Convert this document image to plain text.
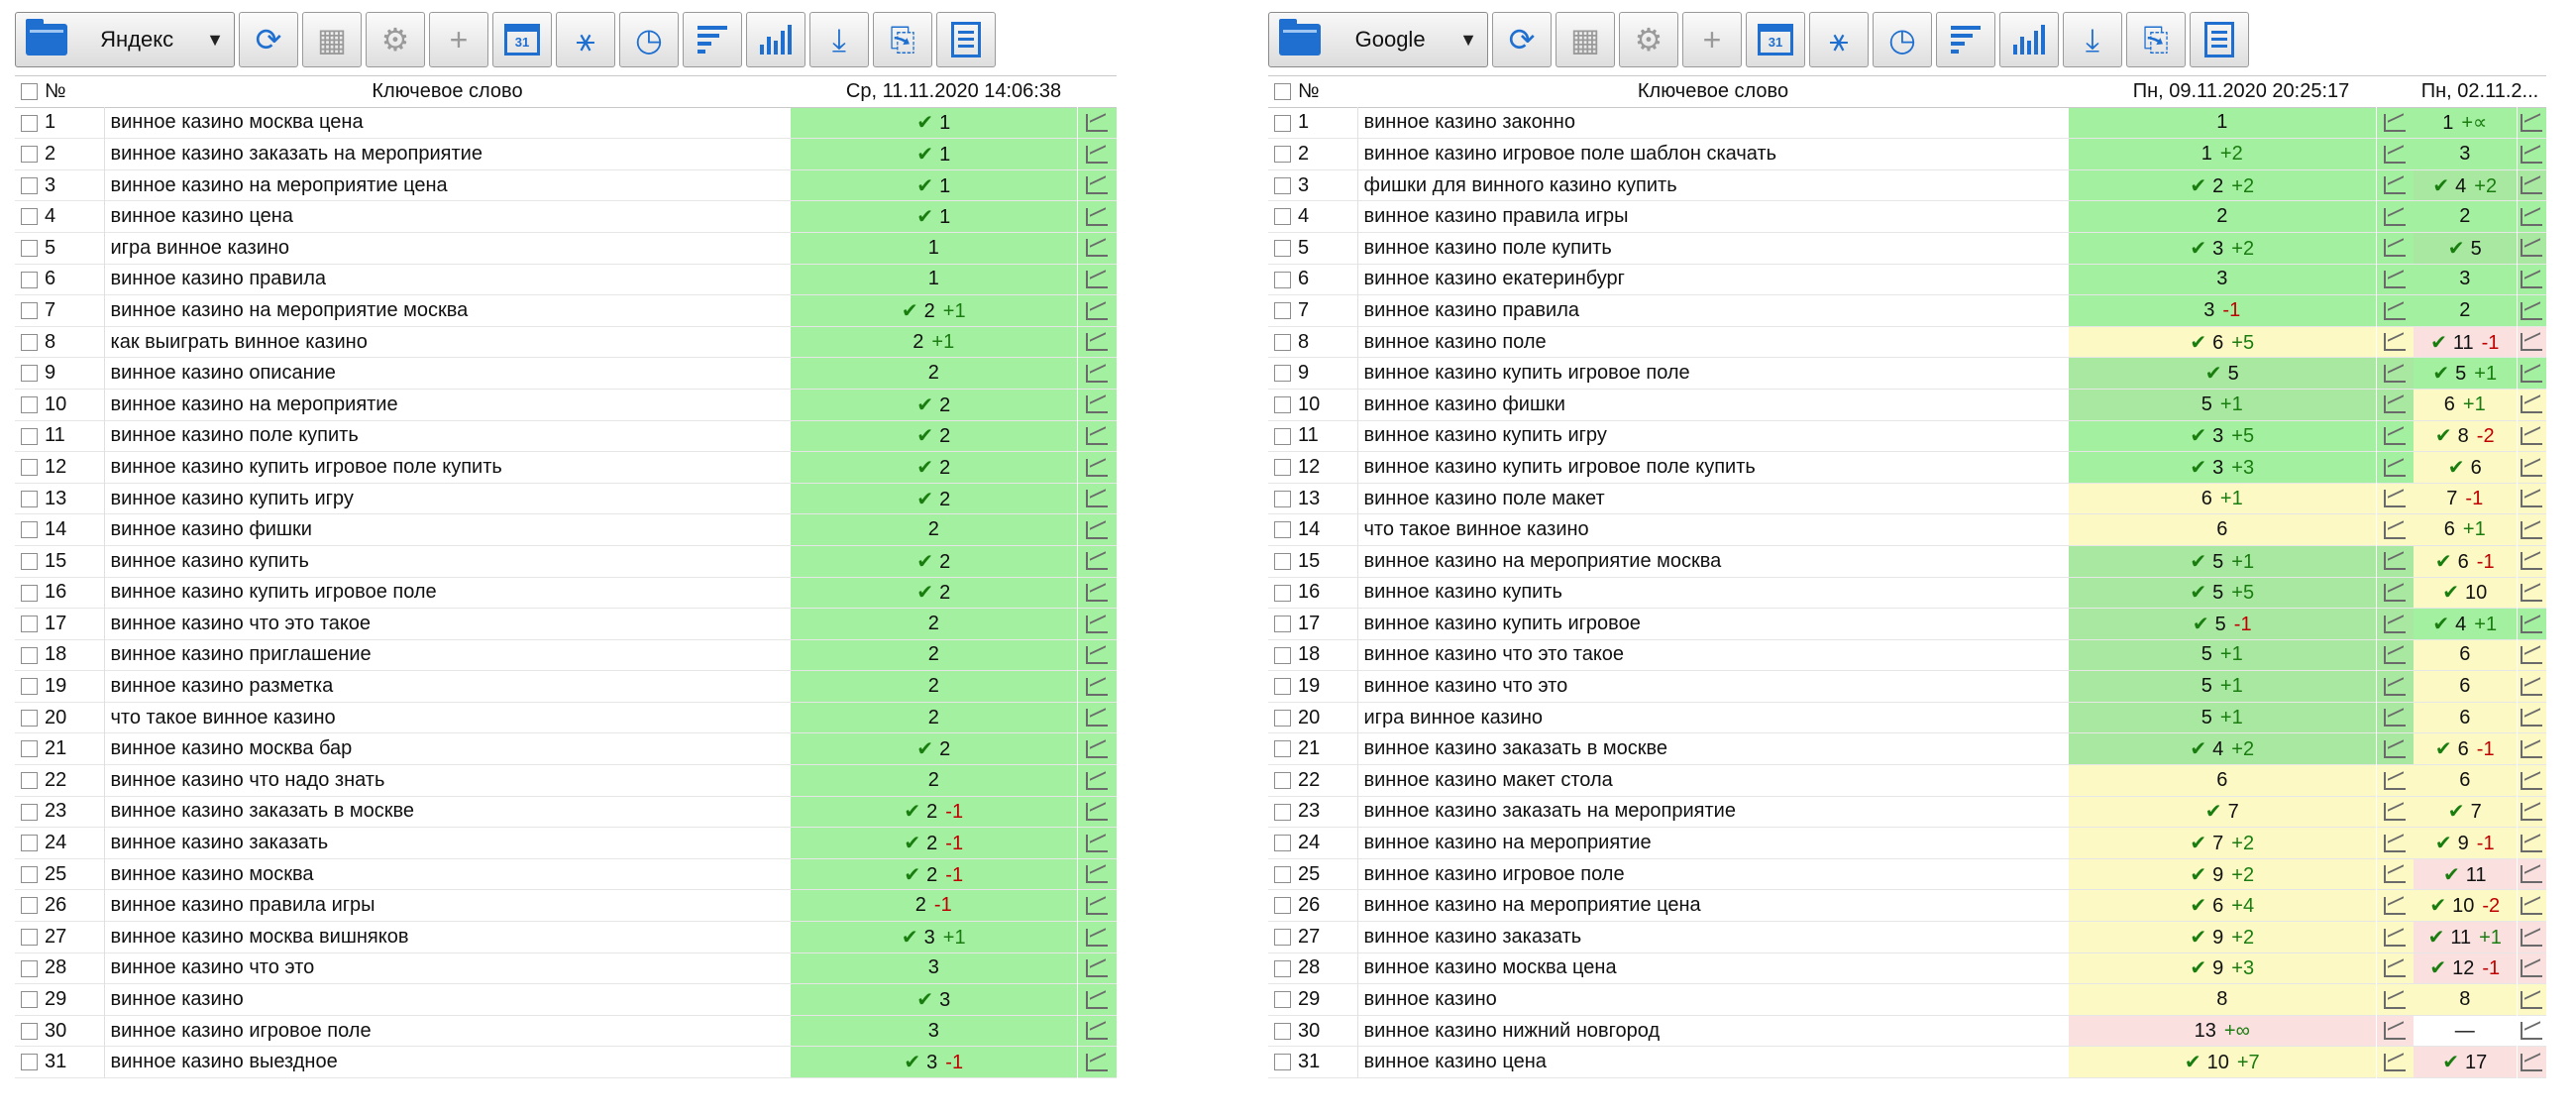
Яндекс	▼ ⟳ ▦ ⚙ +	31	⚹ ◷	⤓ ⎘
	№	Ключевое слово	Ср, 11.11.2020 14:06:38	
	1	винное казино москва цена	✔ 1	
	2	винное казино заказать на мероприятие	✔ 1	
	3	винное казино на мероприятие цена	✔ 1	
	4	винное казино цена	✔ 1	
	5	игра винное казино	1	
	6	винное казино правила	1	
	7	винное казино на мероприятие москва	✔ 2 +1	
	8	как выиграть винное казино	2 +1	
	9	винное казино описание	2	
	10	винное казино на мероприятие	✔ 2	
	11	винное казино поле купить	✔ 2	
	12	винное казино купить игровое поле купить	✔ 2	
	13	винное казино купить игру	✔ 2	
	14	винное казино фишки	2	
	15	винное казино купить	✔ 2	
	16	винное казино купить игровое поле	✔ 2	
	17	винное казино что это такое	2	
	18	винное казино приглашение	2	
	19	винное казино разметка	2	
	20	что такое винное казино	2	
	21	винное казино москва бар	✔ 2	
	22	винное казино что надо знать	2	
	23	винное казино заказать в москве	✔ 2 -1	
	24	винное казино заказать	✔ 2 -1	
	25	винное казино москва	✔ 2 -1	
	26	винное казино правила игры	2 -1	
	27	винное казино москва вишняков	✔ 3 +1	
	28	винное казино что это	3	
	29	винное казино	✔ 3	
	30	винное казино игровое поле	3	
	31	винное казино выездное	✔ 3 -1	
Google	▼ ⟳ ▦ ⚙ +	31	⚹ ◷	⤓ ⎘
	№	Ключевое слово	Пн, 09.11.2020 20:25:17		Пн, 02.11.2...	
	1	винное казино законно	1		1 +∝	
	2	винное казино игровое поле шаблон скачать	1 +2		3	
	3	фишки для винного казино купить	✔ 2 +2		✔ 4 +2	
	4	винное казино правила игры	2		2	
	5	винное казино поле купить	✔ 3 +2		✔ 5	
	6	винное казино екатеринбург	3		3	
	7	винное казино правила	3 -1		2	
	8	винное казино поле	✔ 6 +5		✔ 11 -1	
	9	винное казино купить игровое поле	✔ 5		✔ 5 +1	
	10	винное казино фишки	5 +1		6 +1	
	11	винное казино купить игру	✔ 3 +5		✔ 8 -2	
	12	винное казино купить игровое поле купить	✔ 3 +3		✔ 6	
	13	винное казино поле макет	6 +1		7 -1	
	14	что такое винное казино	6		6 +1	
	15	винное казино на мероприятие москва	✔ 5 +1		✔ 6 -1	
	16	винное казино купить	✔ 5 +5		✔ 10	
	17	винное казино купить игровое	✔ 5 -1		✔ 4 +1	
	18	винное казино что это такое	5 +1		6	
	19	винное казино что это	5 +1		6	
	20	игра винное казино	5 +1		6	
	21	винное казино заказать в москве	✔ 4 +2		✔ 6 -1	
	22	винное казино макет стола	6		6	
	23	винное казино заказать на мероприятие	✔ 7		✔ 7	
	24	винное казино на мероприятие	✔ 7 +2		✔ 9 -1	
	25	винное казино игровое поле	✔ 9 +2		✔ 11	
	26	винное казино на мероприятие цена	✔ 6 +4		✔ 10 -2	
	27	винное казино заказать	✔ 9 +2		✔ 11 +1	
	28	винное казино москва цена	✔ 9 +3		✔ 12 -1	
	29	винное казино	8		8	
	30	винное казино нижний новгород	13 +∞		—	
	31	винное казино цена	✔ 10 +7		✔ 17	
